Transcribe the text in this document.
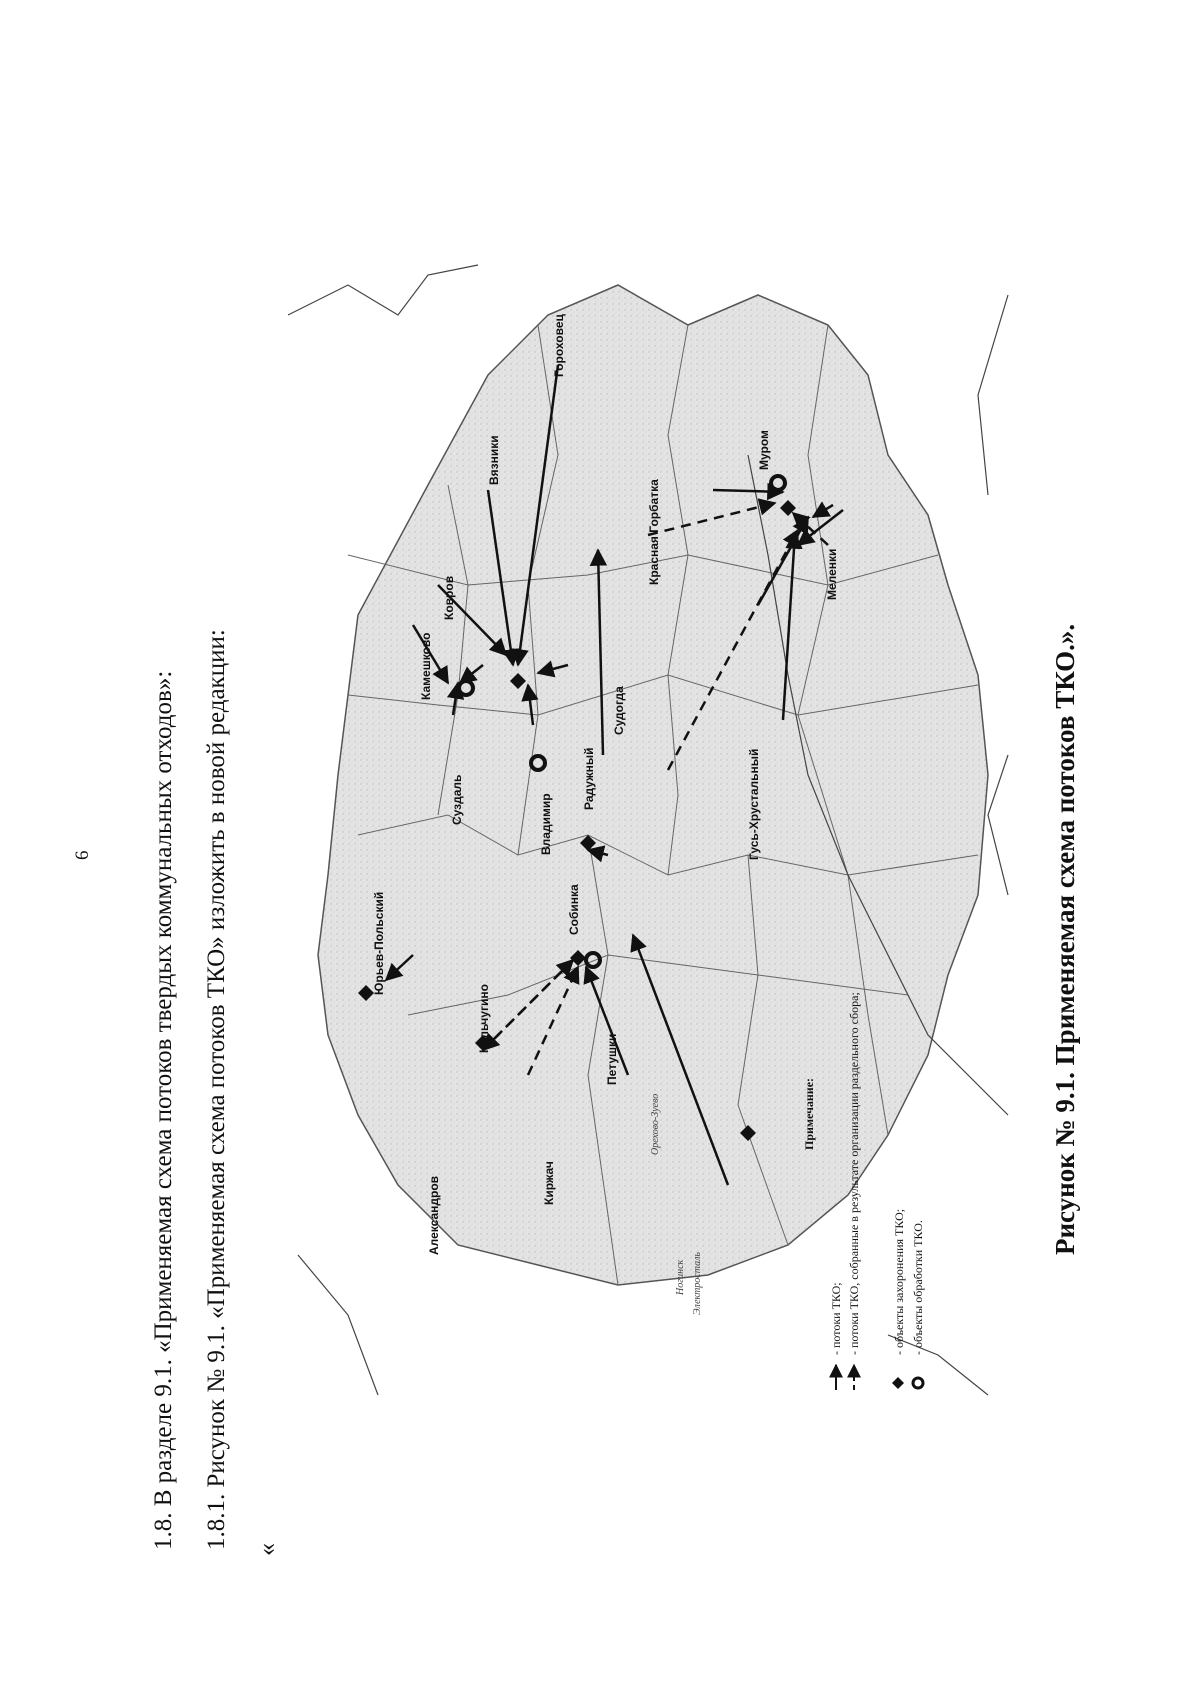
6 1.8. В разделе 9.1. «Применяемая схема потоков твердых коммунальных отходов»: 1.8.1. Рисунок № 9.1. «Применяемая схема потоков ТКО» изложить в новой редакции: «
Гороховец
Вязники
Камешково
Ковров
Суздаль	Владимир
Радужный
Судогда
Юрьев-Польский	Собинка
Кольчугино
Петушки
Киржач
Александров
Гусь-Хрустальный
Красная Горбатка
Муром
Меленки
Орехово-Зуево
Ногинск Электросталь
Примечание:
- потоки ТКО; - потоки ТКО, собранные в результате организации раздельного сбора;	- объекты захоронения ТКО; - объекты обработки ТКО.
Рисунок № 9.1. Применяемая схема потоков ТКО.».
